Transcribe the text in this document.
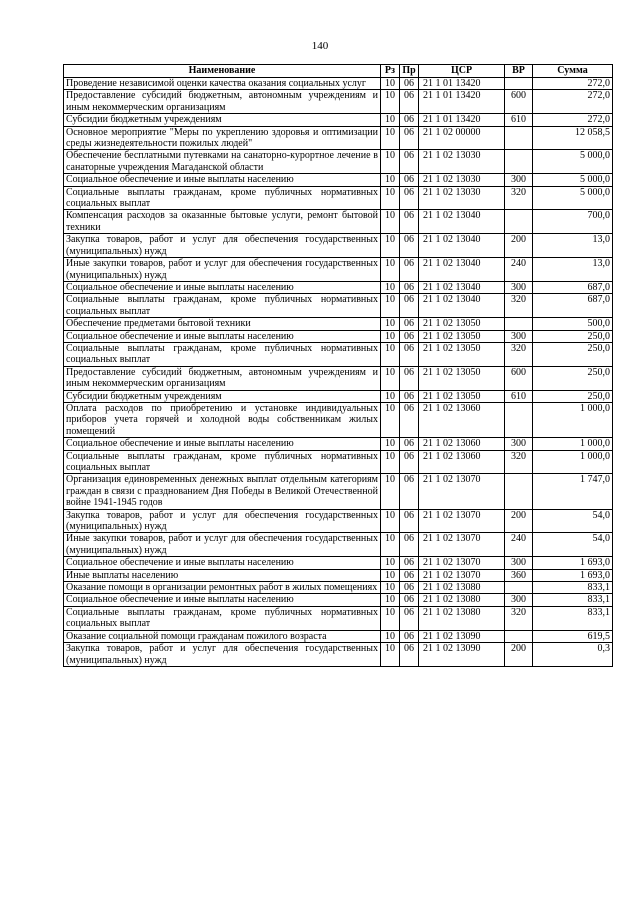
140
Наименование	Рз	Пр	ЦСР	ВР	Сумма
Проведение независимой оценки качества оказания социальных услуг	10	06	21 1 01 13420		272,0
Предоставление субсидий бюджетным, автономным учреждениям и иным некоммерческим организациям	10	06	21 1 01 13420	600	272,0
Субсидии бюджетным учреждениям	10	06	21 1 01 13420	610	272,0
Основное мероприятие "Меры по укреплению здоровья и оптимизации среды жизнедеятельности пожилых людей"	10	06	21 1 02 00000		12 058,5
Обеспечение бесплатными путевками на санаторно-курортное лечение в санаторные учреждения Магаданской области	10	06	21 1 02 13030		5 000,0
Социальное обеспечение и иные выплаты населению	10	06	21 1 02 13030	300	5 000,0
Социальные выплаты гражданам, кроме публичных нормативных социальных выплат	10	06	21 1 02 13030	320	5 000,0
Компенсация расходов за оказанные бытовые услуги, ремонт бытовой техники	10	06	21 1 02 13040		700,0
Закупка товаров, работ и услуг для обеспечения государственных (муниципальных) нужд	10	06	21 1 02 13040	200	13,0
Иные закупки товаров, работ и услуг для обеспечения государственных (муниципальных) нужд	10	06	21 1 02 13040	240	13,0
Социальное обеспечение и иные выплаты населению	10	06	21 1 02 13040	300	687,0
Социальные выплаты гражданам, кроме публичных нормативных социальных выплат	10	06	21 1 02 13040	320	687,0
Обеспечение предметами бытовой техники	10	06	21 1 02 13050		500,0
Социальное обеспечение и иные выплаты населению	10	06	21 1 02 13050	300	250,0
Социальные выплаты гражданам, кроме публичных нормативных социальных выплат	10	06	21 1 02 13050	320	250,0
Предоставление субсидий бюджетным, автономным учреждениям и иным некоммерческим организациям	10	06	21 1 02 13050	600	250,0
Субсидии бюджетным учреждениям	10	06	21 1 02 13050	610	250,0
Оплата расходов по приобретению и установке индивидуальных приборов учета горячей и холодной воды собственникам жилых помещений	10	06	21 1 02 13060		1 000,0
Социальное обеспечение и иные выплаты населению	10	06	21 1 02 13060	300	1 000,0
Социальные выплаты гражданам, кроме публичных нормативных социальных выплат	10	06	21 1 02 13060	320	1 000,0
Организация единовременных денежных выплат отдельным категориям граждан в связи с празднованием Дня Победы в Великой Отечественной войне 1941-1945 годов	10	06	21 1 02 13070		1 747,0
Закупка товаров, работ и услуг для обеспечения государственных (муниципальных) нужд	10	06	21 1 02 13070	200	54,0
Иные закупки товаров, работ и услуг для обеспечения государственных (муниципальных) нужд	10	06	21 1 02 13070	240	54,0
Социальное обеспечение и иные выплаты населению	10	06	21 1 02 13070	300	1 693,0
Иные выплаты населению	10	06	21 1 02 13070	360	1 693,0
Оказание помощи в организации ремонтных работ в жилых помещениях	10	06	21 1 02 13080		833,1
Социальное обеспечение и иные выплаты населению	10	06	21 1 02 13080	300	833,1
Социальные выплаты гражданам, кроме публичных нормативных социальных выплат	10	06	21 1 02 13080	320	833,1
Оказание социальной помощи гражданам пожилого возраста	10	06	21 1 02 13090		619,5
Закупка товаров, работ и услуг для обеспечения государственных (муниципальных) нужд	10	06	21 1 02 13090	200	0,3
